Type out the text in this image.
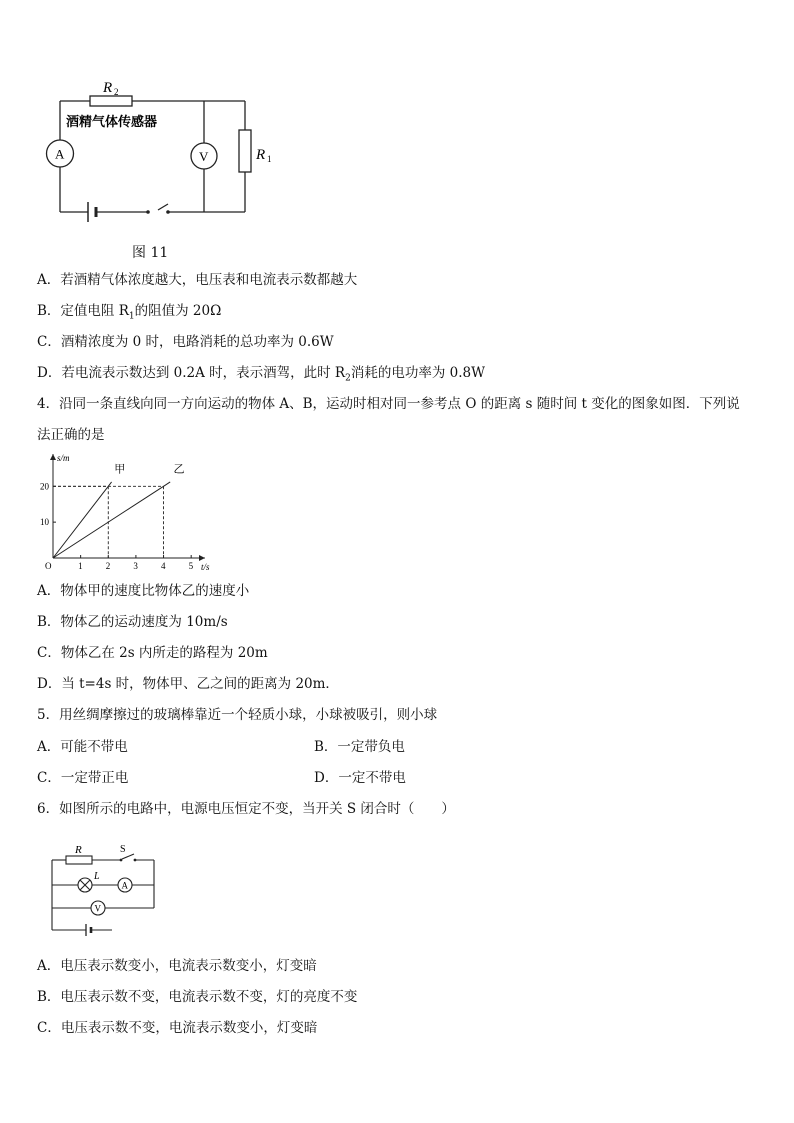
R 2
酒精气体传感器
A	V	R 1
图 11
A．若酒精气体浓度越大，电压表和电流表示数都越大
B．定值电阻 $R_1$的阻值为 20Ω
C．酒精浓度为 0 时，电路消耗的总功率为 0.6W
D．若电流表示数达到 0.2A 时，表示酒驾，此时 $R_2$消耗的电功率为 0.8W
4．沿同一条直线向同一方向运动的物体 A、B，运动时相对同一参考点 O 的距离 s 随时间 t 变化的图象如图．下列说
法正确的是
1	2	3	4	5
10
20
O	t/s
s/m
甲	乙
A．物体甲的速度比物体乙的速度小
B．物体乙的运动速度为 10m/s
C．物体乙在 2s 内所走的路程为 20m
D．当 t=4s 时，物体甲、乙之间的距离为 20m．
5．用丝绸摩擦过的玻璃棒靠近一个轻质小球，小球被吸引，则小球
A．可能不带电	B．一定带负电
C．一定带正电	D．一定不带电
6．如图所示的电路中，电源电压恒定不变，当开关 S 闭合时（　　）
R	S
L
A
V
A．电压表示数变小，电流表示数变小，灯变暗
B．电压表示数不变，电流表示数不变，灯的亮度不变
C．电压表示数不变，电流表示数变小，灯变暗
